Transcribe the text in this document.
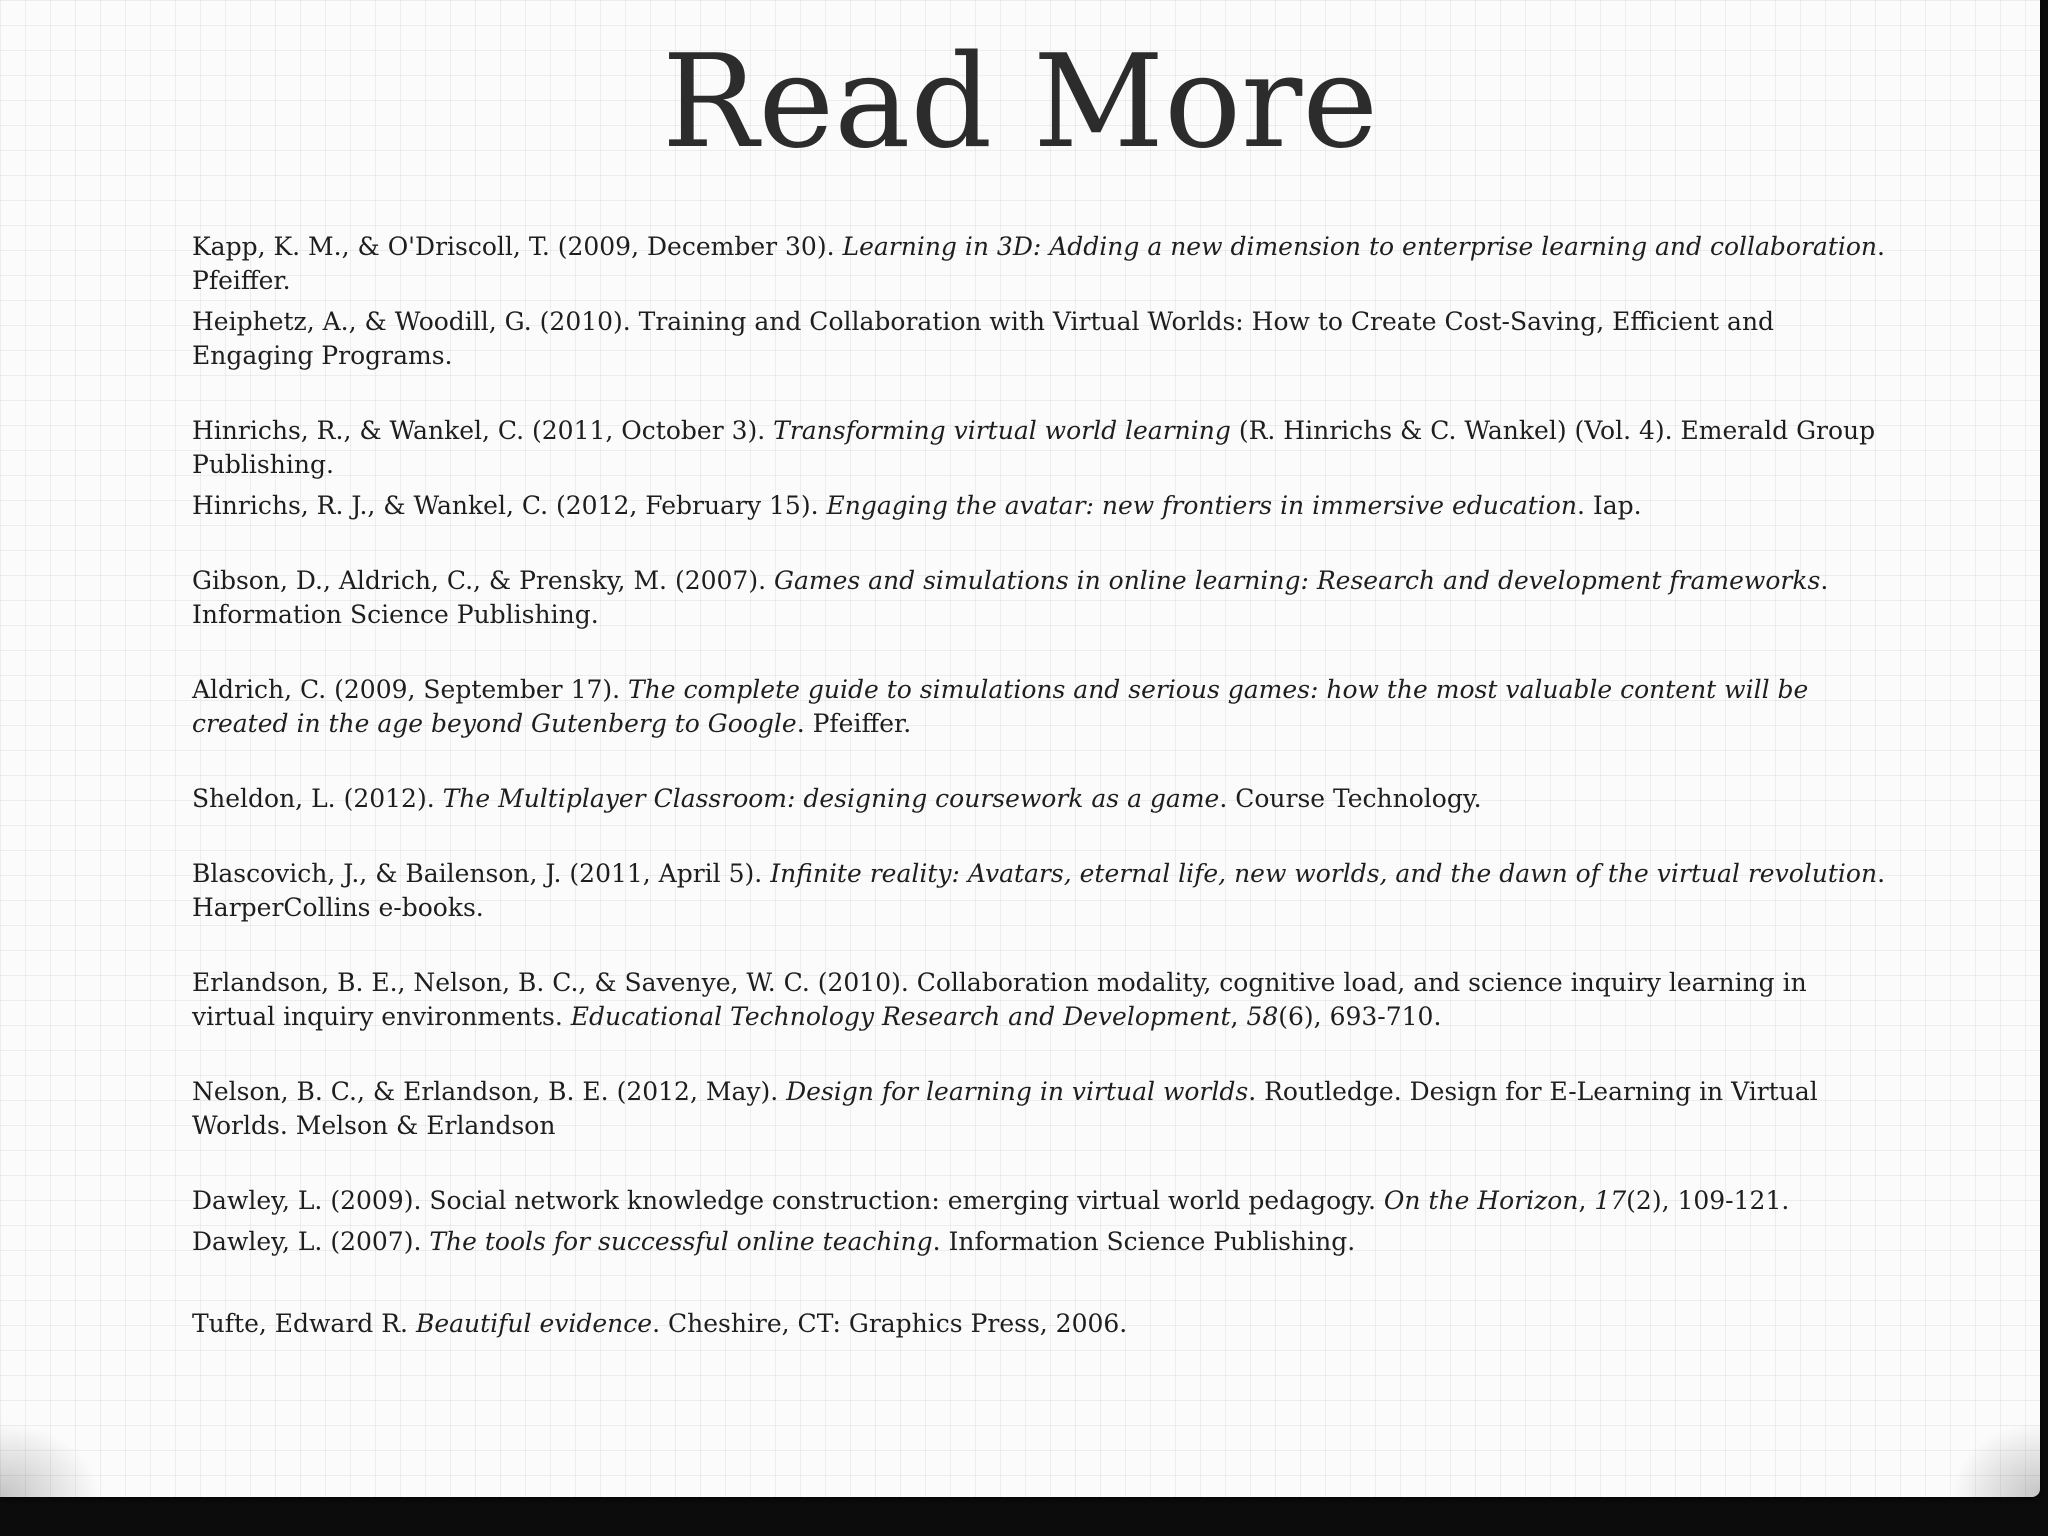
Read More

Kapp, K. M., & O'Driscoll, T. (2009, December 30). Learning in 3D: Adding a new dimension to enterprise learning and collaboration. Pfeiffer.

Heiphetz, A., & Woodill, G. (2010). Training and Collaboration with Virtual Worlds: How to Create Cost-Saving, Efficient and Engaging Programs.

Hinrichs, R., & Wankel, C. (2011, October 3). Transforming virtual world learning (R. Hinrichs & C. Wankel) (Vol. 4). Emerald Group Publishing.

Hinrichs, R. J., & Wankel, C. (2012, February 15). Engaging the avatar: new frontiers in immersive education. Iap.

Gibson, D., Aldrich, C., & Prensky, M. (2007). Games and simulations in online learning: Research and development frameworks. Information Science Publishing.

Aldrich, C. (2009, September 17). The complete guide to simulations and serious games: how the most valuable content will be created in the age beyond Gutenberg to Google. Pfeiffer.

Sheldon, L. (2012). The Multiplayer Classroom: designing coursework as a game. Course Technology.

Blascovich, J., & Bailenson, J. (2011, April 5). Infinite reality: Avatars, eternal life, new worlds, and the dawn of the virtual revolution. HarperCollins e-books.

Erlandson, B. E., Nelson, B. C., & Savenye, W. C. (2010). Collaboration modality, cognitive load, and science inquiry learning in virtual inquiry environments. Educational Technology Research and Development, 58(6), 693-710.

Nelson, B. C., & Erlandson, B. E. (2012, May). Design for learning in virtual worlds. Routledge. Design for E-Learning in Virtual Worlds. Melson & Erlandson

Dawley, L. (2009). Social network knowledge construction: emerging virtual world pedagogy. On the Horizon, 17(2), 109-121.

Dawley, L. (2007). The tools for successful online teaching. Information Science Publishing.

Tufte, Edward R. Beautiful evidence. Cheshire, CT: Graphics Press, 2006.
